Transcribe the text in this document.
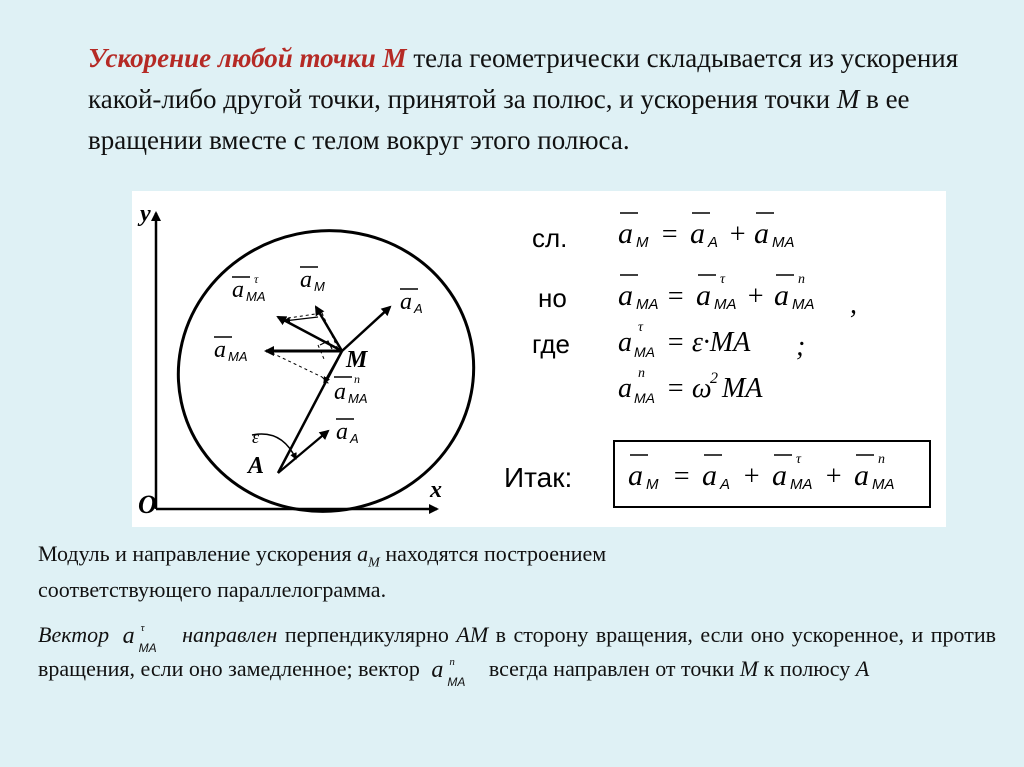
Ускорение любой точки M тела геометрически складывается из ускорения какой-либо другой точки, принятой за полюс, и ускорения точки M в ее вращении вместе с телом вокруг этого полюса.
y
x
O
A
M
ε
a M
a A
τ
a MA
a MA
n
a MA
a A
сл. a M = a A + a MA
но a MA =
τ
a MA +
n
a MA ,
где
τ
a MA = ε·MA ;
n
a MA = ω
2 MA
Итак: a M = a A +
τ
a MA +
n
a MA
Модуль и направление ускорения $a_M$ находятся построением
соответствующего параллелограмма.
Вектор a τ
MA
направлен перпендикулярно AM в сторону вращения, если оно ускоренное, и против вращения, если оно замедленное; вектор a n
MA
всегда направлен от точки M к полюсу A
